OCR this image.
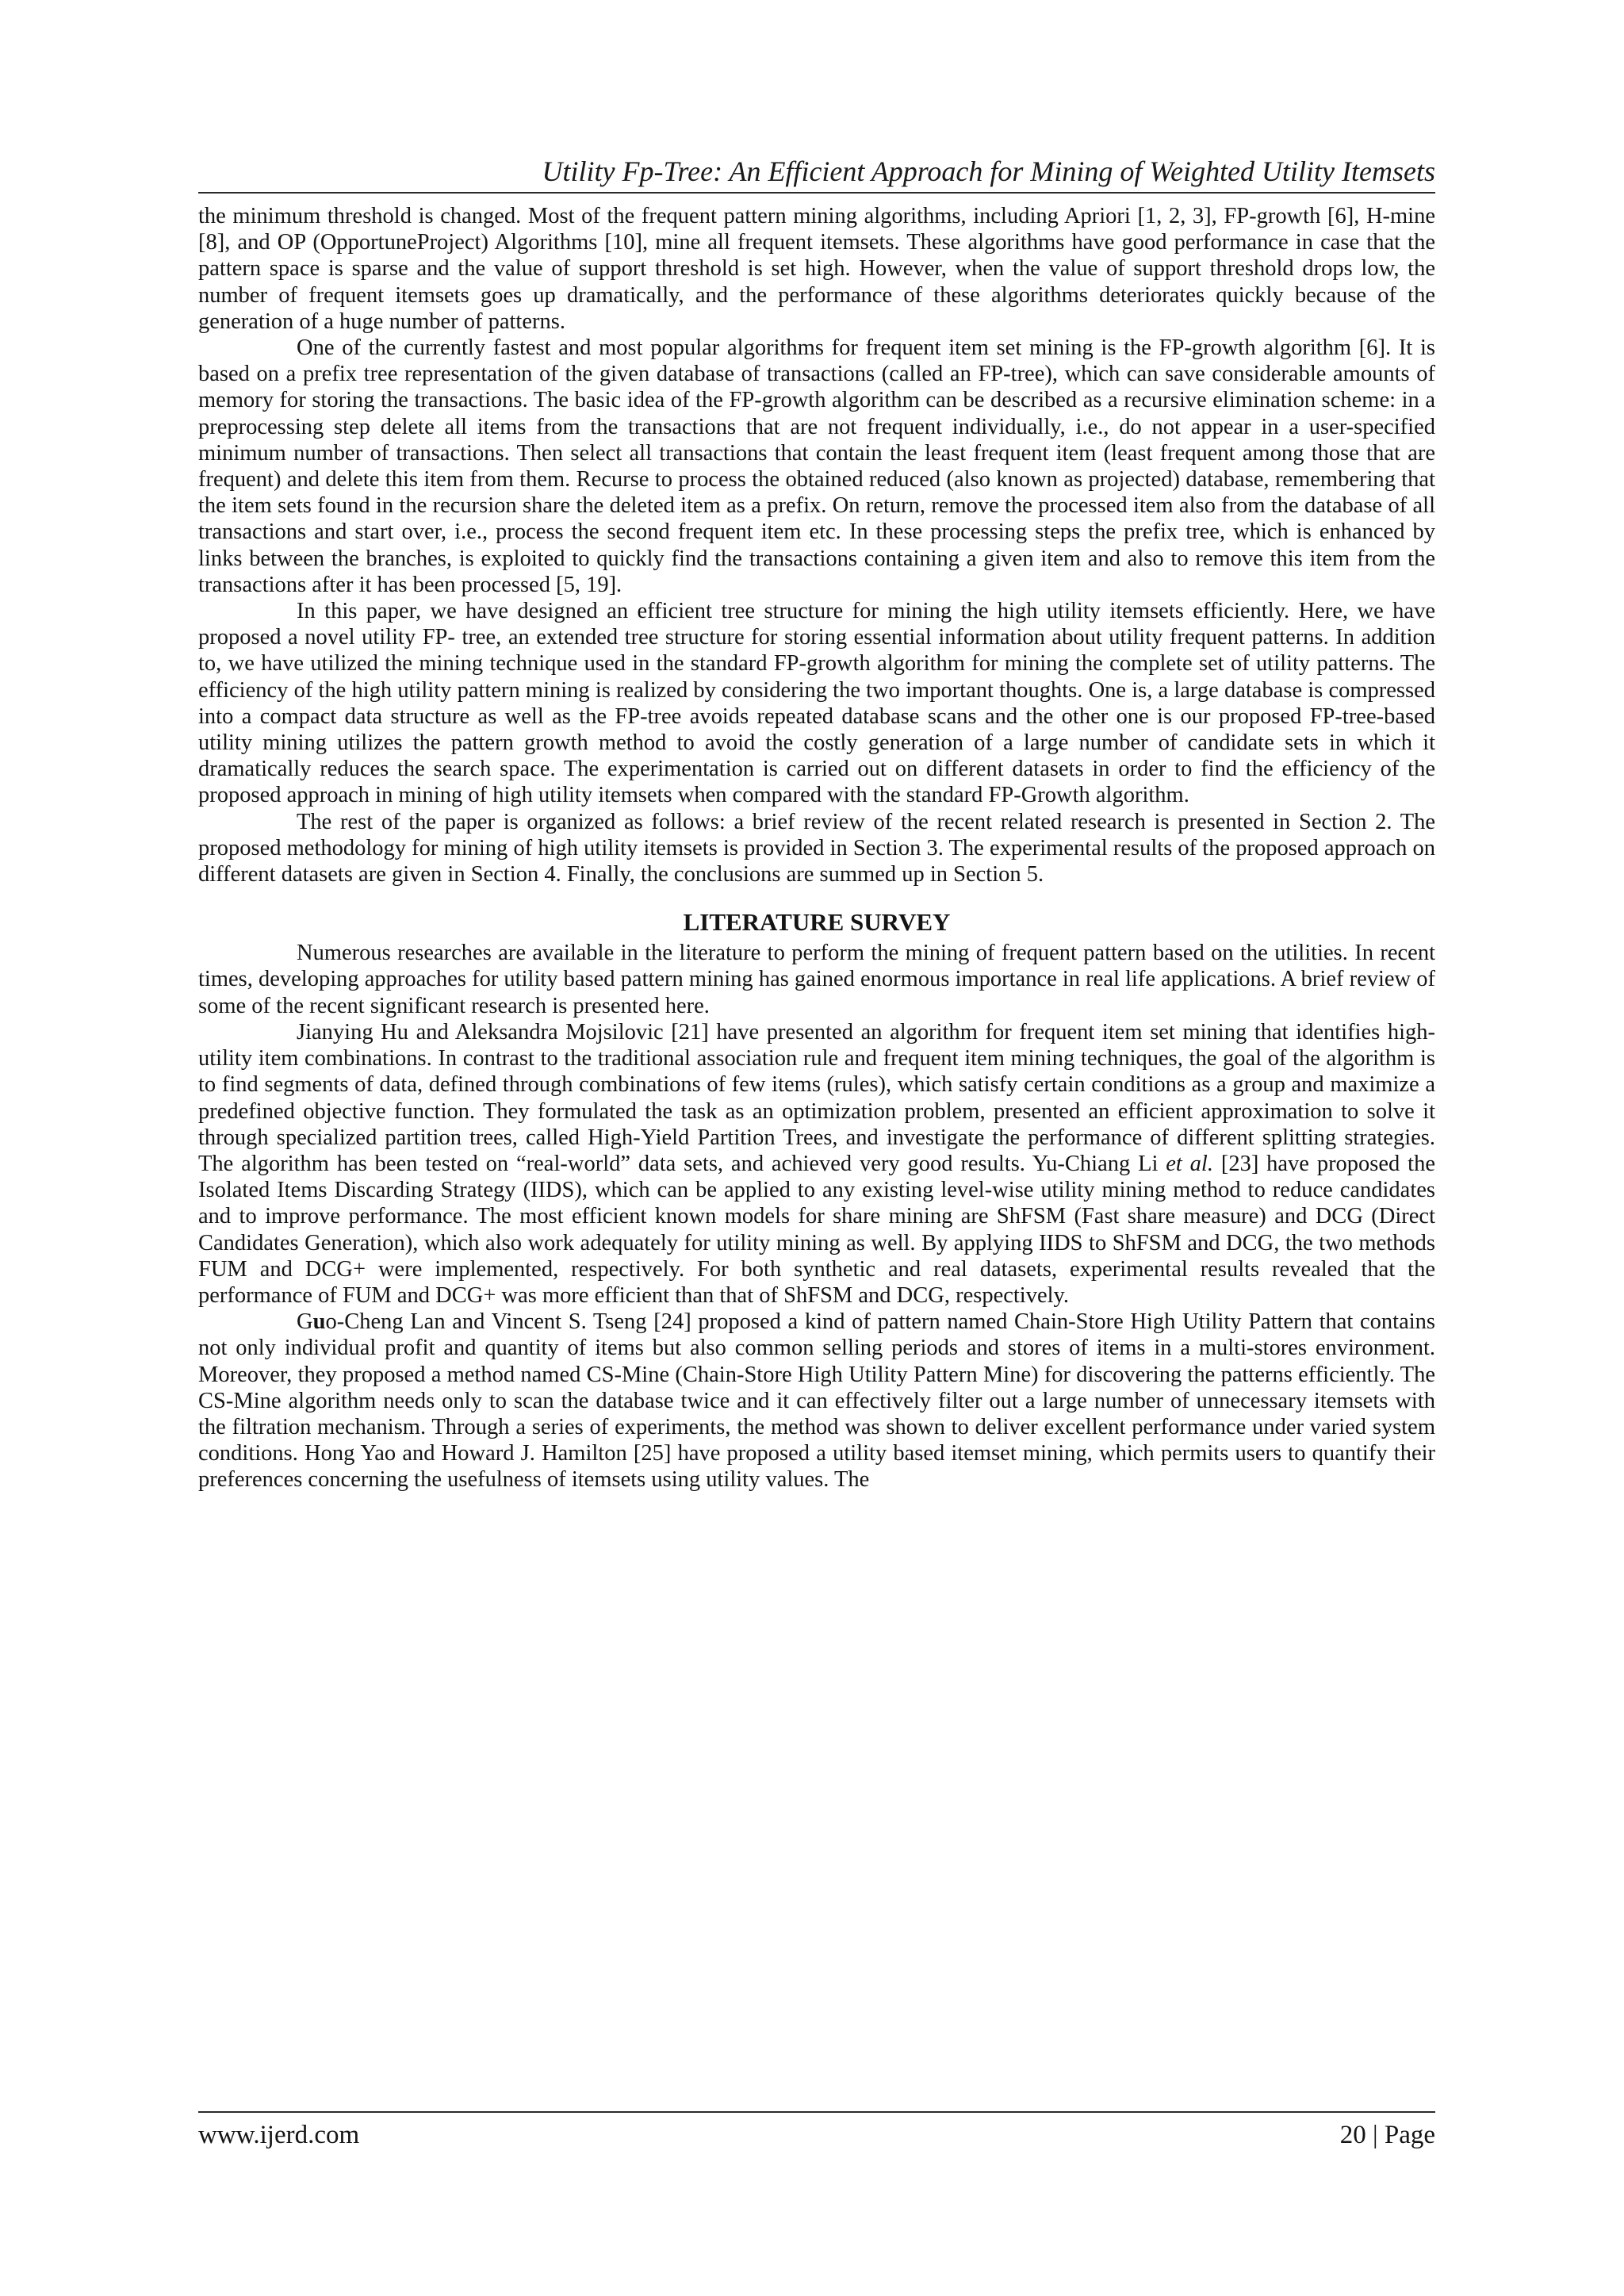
Utility Fp-Tree: An Efficient Approach for Mining of Weighted Utility Itemsets

the minimum threshold is changed. Most of the frequent pattern mining algorithms, including Apriori [1, 2, 3], FP-growth [6], H-mine [8], and OP (OpportuneProject) Algorithms [10], mine all frequent itemsets. These algorithms have good performance in case that the pattern space is sparse and the value of support threshold is set high. However, when the value of support threshold drops low, the number of frequent itemsets goes up dramatically, and the performance of these algorithms deteriorates quickly because of the generation of a huge number of patterns.

One of the currently fastest and most popular algorithms for frequent item set mining is the FP-growth algorithm [6]. It is based on a prefix tree representation of the given database of transactions (called an FP-tree), which can save considerable amounts of memory for storing the transactions. The basic idea of the FP-growth algorithm can be described as a recursive elimination scheme: in a preprocessing step delete all items from the transactions that are not frequent individually, i.e., do not appear in a user-specified minimum number of transactions. Then select all transactions that contain the least frequent item (least frequent among those that are frequent) and delete this item from them. Recurse to process the obtained reduced (also known as projected) database, remembering that the item sets found in the recursion share the deleted item as a prefix. On return, remove the processed item also from the database of all transactions and start over, i.e., process the second frequent item etc. In these processing steps the prefix tree, which is enhanced by links between the branches, is exploited to quickly find the transactions containing a given item and also to remove this item from the transactions after it has been processed [5, 19].

In this paper, we have designed an efficient tree structure for mining the high utility itemsets efficiently. Here, we have proposed a novel utility FP- tree, an extended tree structure for storing essential information about utility frequent patterns. In addition to, we have utilized the mining technique used in the standard FP-growth algorithm for mining the complete set of utility patterns. The efficiency of the high utility pattern mining is realized by considering the two important thoughts. One is, a large database is compressed into a compact data structure as well as the FP-tree avoids repeated database scans and the other one is our proposed FP-tree-based utility mining utilizes the pattern growth method to avoid the costly generation of a large number of candidate sets in which it dramatically reduces the search space. The experimentation is carried out on different datasets in order to find the efficiency of the proposed approach in mining of high utility itemsets when compared with the standard FP-Growth algorithm.

The rest of the paper is organized as follows: a brief review of the recent related research is presented in Section 2. The proposed methodology for mining of high utility itemsets is provided in Section 3. The experimental results of the proposed approach on different datasets are given in Section 4. Finally, the conclusions are summed up in Section 5.

LITERATURE SURVEY

Numerous researches are available in the literature to perform the mining of frequent pattern based on the utilities. In recent times, developing approaches for utility based pattern mining has gained enormous importance in real life applications. A brief review of some of the recent significant research is presented here.

Jianying Hu and Aleksandra Mojsilovic [21] have presented an algorithm for frequent item set mining that identifies high-utility item combinations. In contrast to the traditional association rule and frequent item mining techniques, the goal of the algorithm is to find segments of data, defined through combinations of few items (rules), which satisfy certain conditions as a group and maximize a predefined objective function. They formulated the task as an optimization problem, presented an efficient approximation to solve it through specialized partition trees, called High-Yield Partition Trees, and investigate the performance of different splitting strategies. The algorithm has been tested on “real-world” data sets, and achieved very good results. Yu-Chiang Li et al. [23] have proposed the Isolated Items Discarding Strategy (IIDS), which can be applied to any existing level-wise utility mining method to reduce candidates and to improve performance. The most efficient known models for share mining are ShFSM (Fast share measure) and DCG (Direct Candidates Generation), which also work adequately for utility mining as well. By applying IIDS to ShFSM and DCG, the two methods FUM and DCG+ were implemented, respectively. For both synthetic and real datasets, experimental results revealed that the performance of FUM and DCG+ was more efficient than that of ShFSM and DCG, respectively.

Guo-Cheng Lan and Vincent S. Tseng [24] proposed a kind of pattern named Chain-Store High Utility Pattern that contains not only individual profit and quantity of items but also common selling periods and stores of items in a multi-stores environment. Moreover, they proposed a method named CS-Mine (Chain-Store High Utility Pattern Mine) for discovering the patterns efficiently. The CS-Mine algorithm needs only to scan the database twice and it can effectively filter out a large number of unnecessary itemsets with the filtration mechanism. Through a series of experiments, the method was shown to deliver excellent performance under varied system conditions. Hong Yao and Howard J. Hamilton [25] have proposed a utility based itemset mining, which permits users to quantify their preferences concerning the usefulness of itemsets using utility values. The

www.ijerd.com	20 | Page
